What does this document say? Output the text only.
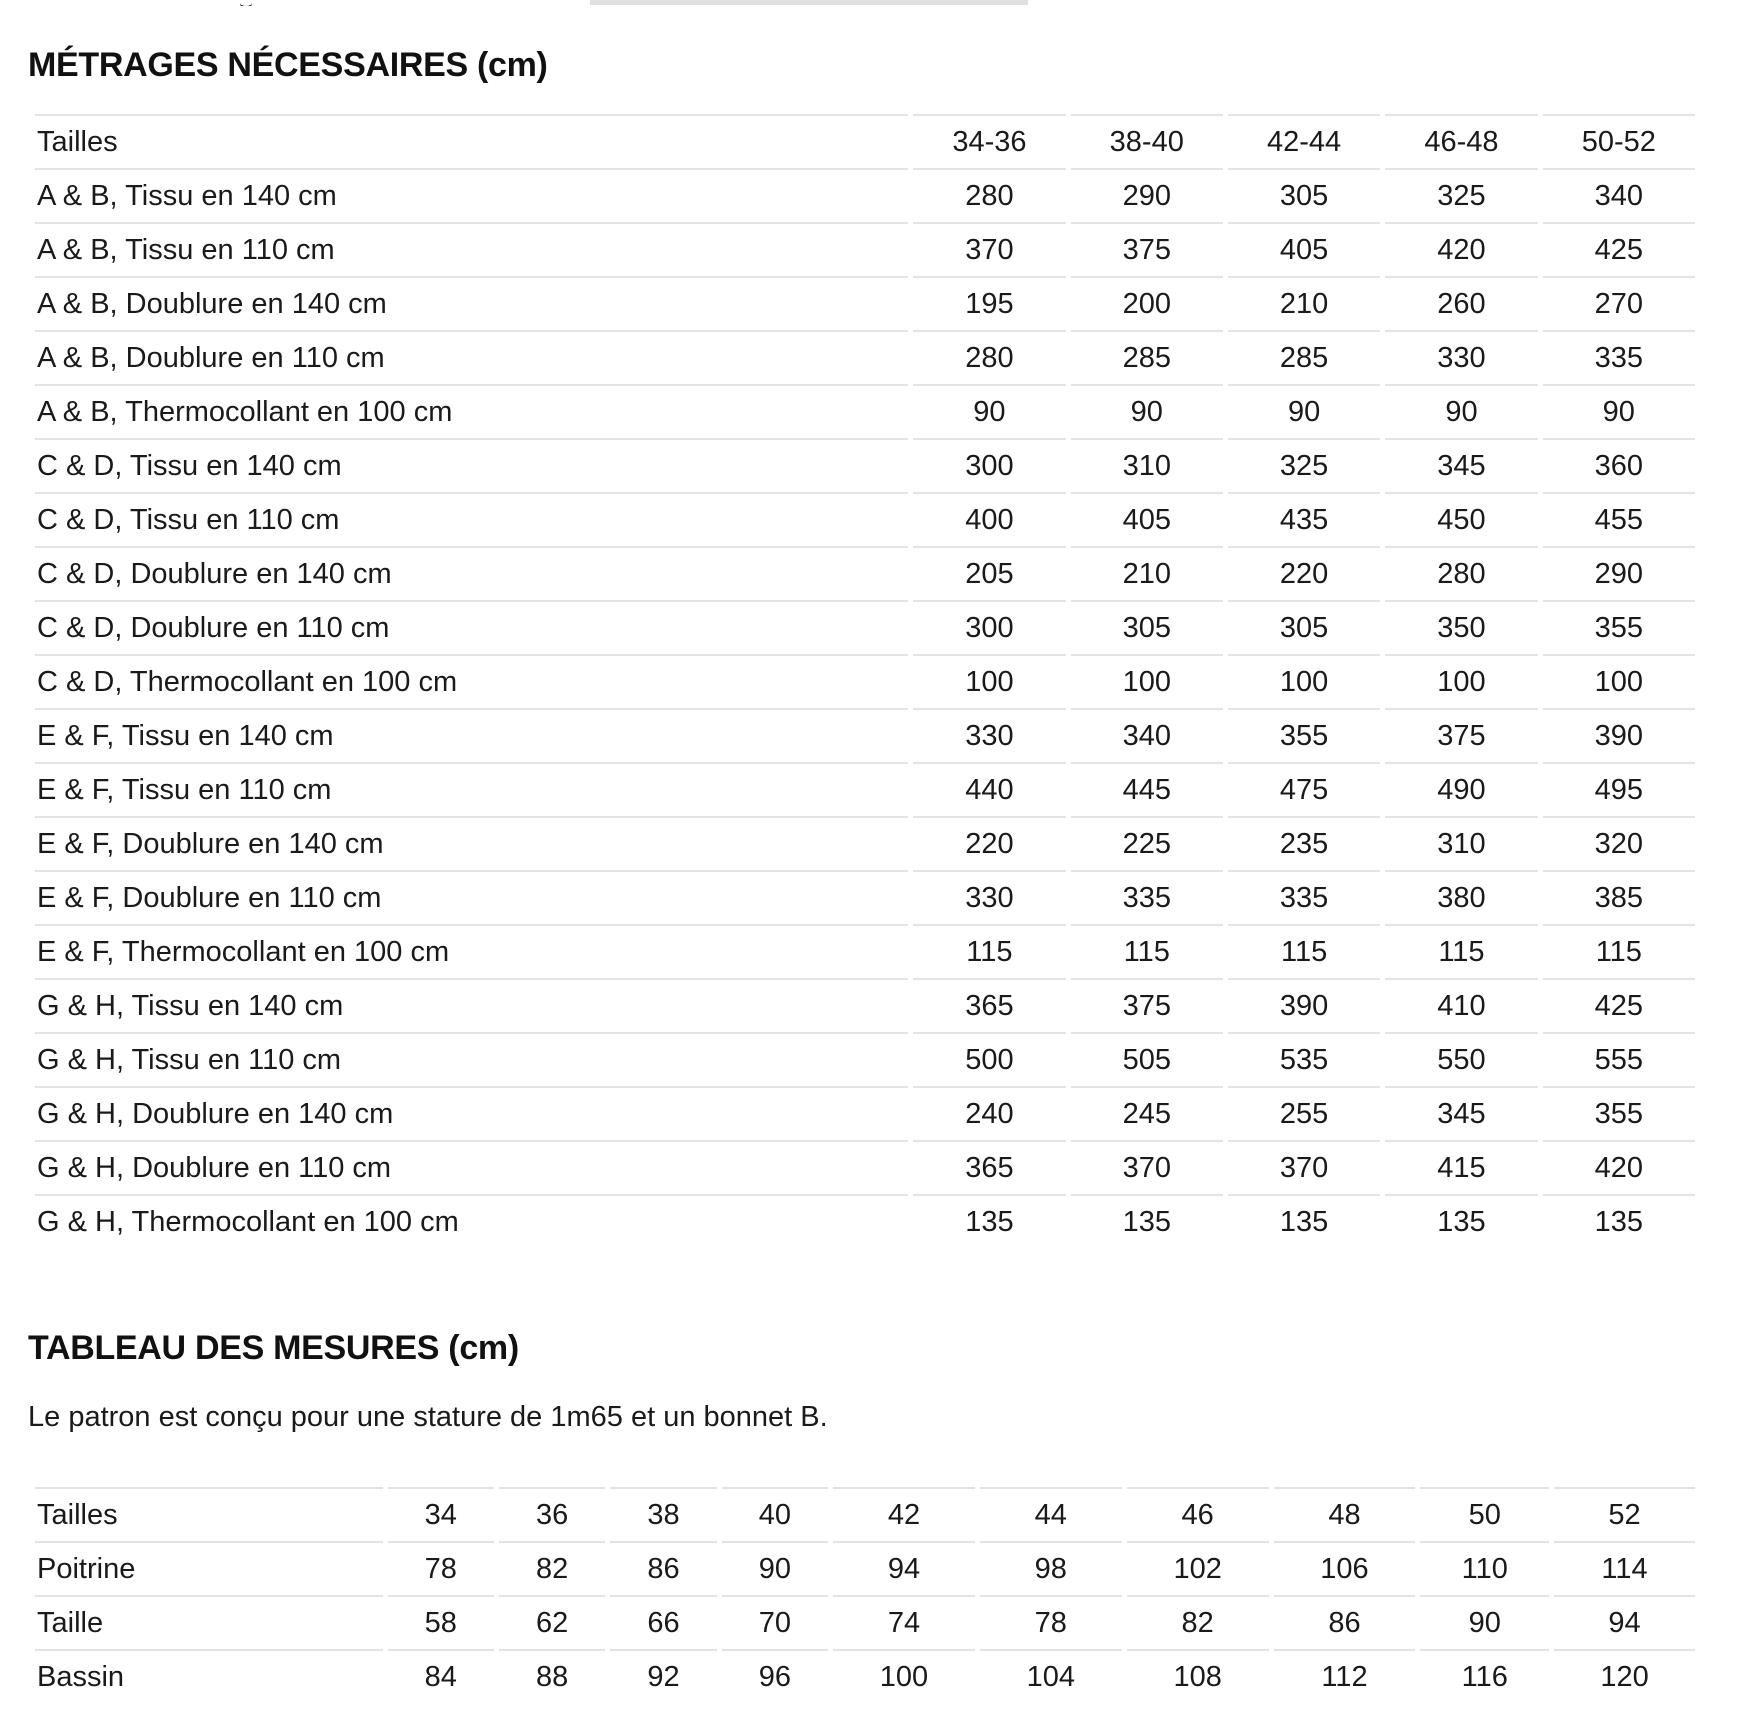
MÉTRAGES NÉCESSAIRES (cm)
Tailles	34-36	38-40	42-44	46-48	50-52
A & B, Tissu en 140 cm	280	290	305	325	340
A & B, Tissu en 110 cm	370	375	405	420	425
A & B, Doublure en 140 cm	195	200	210	260	270
A & B, Doublure en 110 cm	280	285	285	330	335
A & B, Thermocollant en 100 cm	90	90	90	90	90
C & D, Tissu en 140 cm	300	310	325	345	360
C & D, Tissu en 110 cm	400	405	435	450	455
C & D, Doublure en 140 cm	205	210	220	280	290
C & D, Doublure en 110 cm	300	305	305	350	355
C & D, Thermocollant en 100 cm	100	100	100	100	100
E & F, Tissu en 140 cm	330	340	355	375	390
E & F, Tissu en 110 cm	440	445	475	490	495
E & F, Doublure en 140 cm	220	225	235	310	320
E & F, Doublure en 110 cm	330	335	335	380	385
E & F, Thermocollant en 100 cm	115	115	115	115	115
G & H, Tissu en 140 cm	365	375	390	410	425
G & H, Tissu en 110 cm	500	505	535	550	555
G & H, Doublure en 140 cm	240	245	255	345	355
G & H, Doublure en 110 cm	365	370	370	415	420
G & H, Thermocollant en 100 cm	135	135	135	135	135
TABLEAU DES MESURES (cm)

Le patron est conçu pour une stature de 1m65 et un bonnet B.

Tailles	34	36	38	40	42	44	46	48	50	52
Poitrine	78	82	86	90	94	98	102	106	110	114
Taille	58	62	66	70	74	78	82	86	90	94
Bassin	84	88	92	96	100	104	108	112	116	120
